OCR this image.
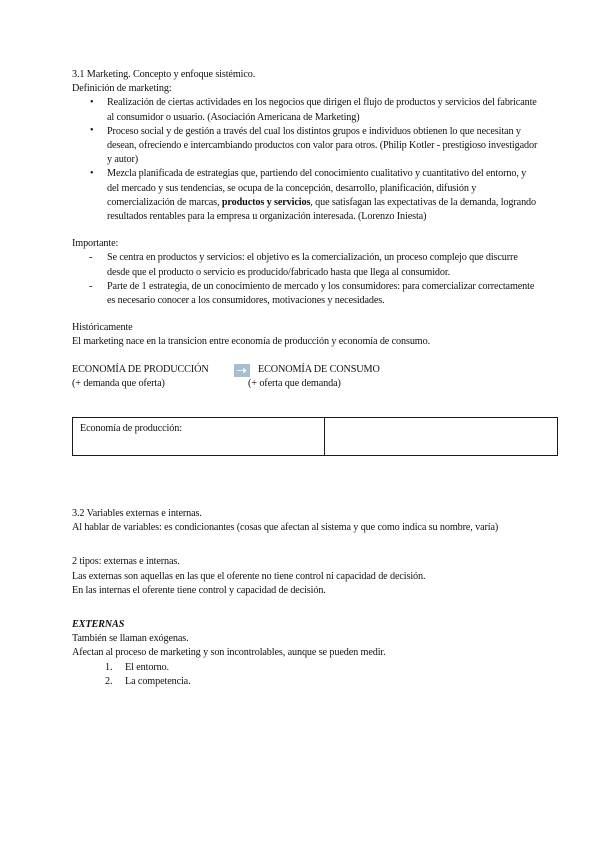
3.1 Marketing. Concepto y enfoque sistémico.

Definición de marketing:

• Realización de ciertas actividades en los negocios que dirigen el flujo de productos y servicios del fabricante al consumidor o usuario. (Asociación Americana de Marketing)
• Proceso social y de gestión a través del cual los distintos grupos e individuos obtienen lo que necesitan y desean, ofreciendo e intercambiando productos con valor para otros. (Philip Kotler - prestigioso investigador y autor)
• Mezcla planificada de estrategias que, partiendo del conocimiento cualitativo y cuantitativo del entorno, y del mercado y sus tendencias, se ocupa de la concepción, desarrollo, planificación, difusión y comercialización de marcas, productos y servicios, que satisfagan las expectativas de la demanda, logrando resultados rentables para la empresa u organización interesada. (Lorenzo Iniesta)

Importante:

- Se centra en productos y servicios: el objetivo es la comercialización, un proceso complejo que discurre desde que el producto o servicio es producido/fabricado hasta que llega al consumidor.
- Parte de 1 estrategia, de un conocimiento de mercado y los consumidores: para comercializar correctamente es necesario conocer a los consumidores, motivaciones y necesidades.

Históricamente

El marketing nace en la transicion entre economía de producción y economía de consumo.

ECONOMÍA DE PRODUCCIÓN	ECONOMÍA DE CONSUMO
(+ demanda que oferta)	(+ oferta que demanda)
Economía de producción:	

3.2 Variables externas e internas.

Al hablar de variables: es condicionantes (cosas que afectan al sistema y que como indica su nombre, varía)

2 tipos: externas e internas.

Las externas son aquellas en las que el oferente no tiene control ni capacidad de decisión.

En las internas el oferente tiene control y capacidad de decisión.

EXTERNAS

También se llaman exógenas.

Afectan al proceso de marketing y son incontrolables, aunque se pueden medir.

El entorno.
La competencia.
